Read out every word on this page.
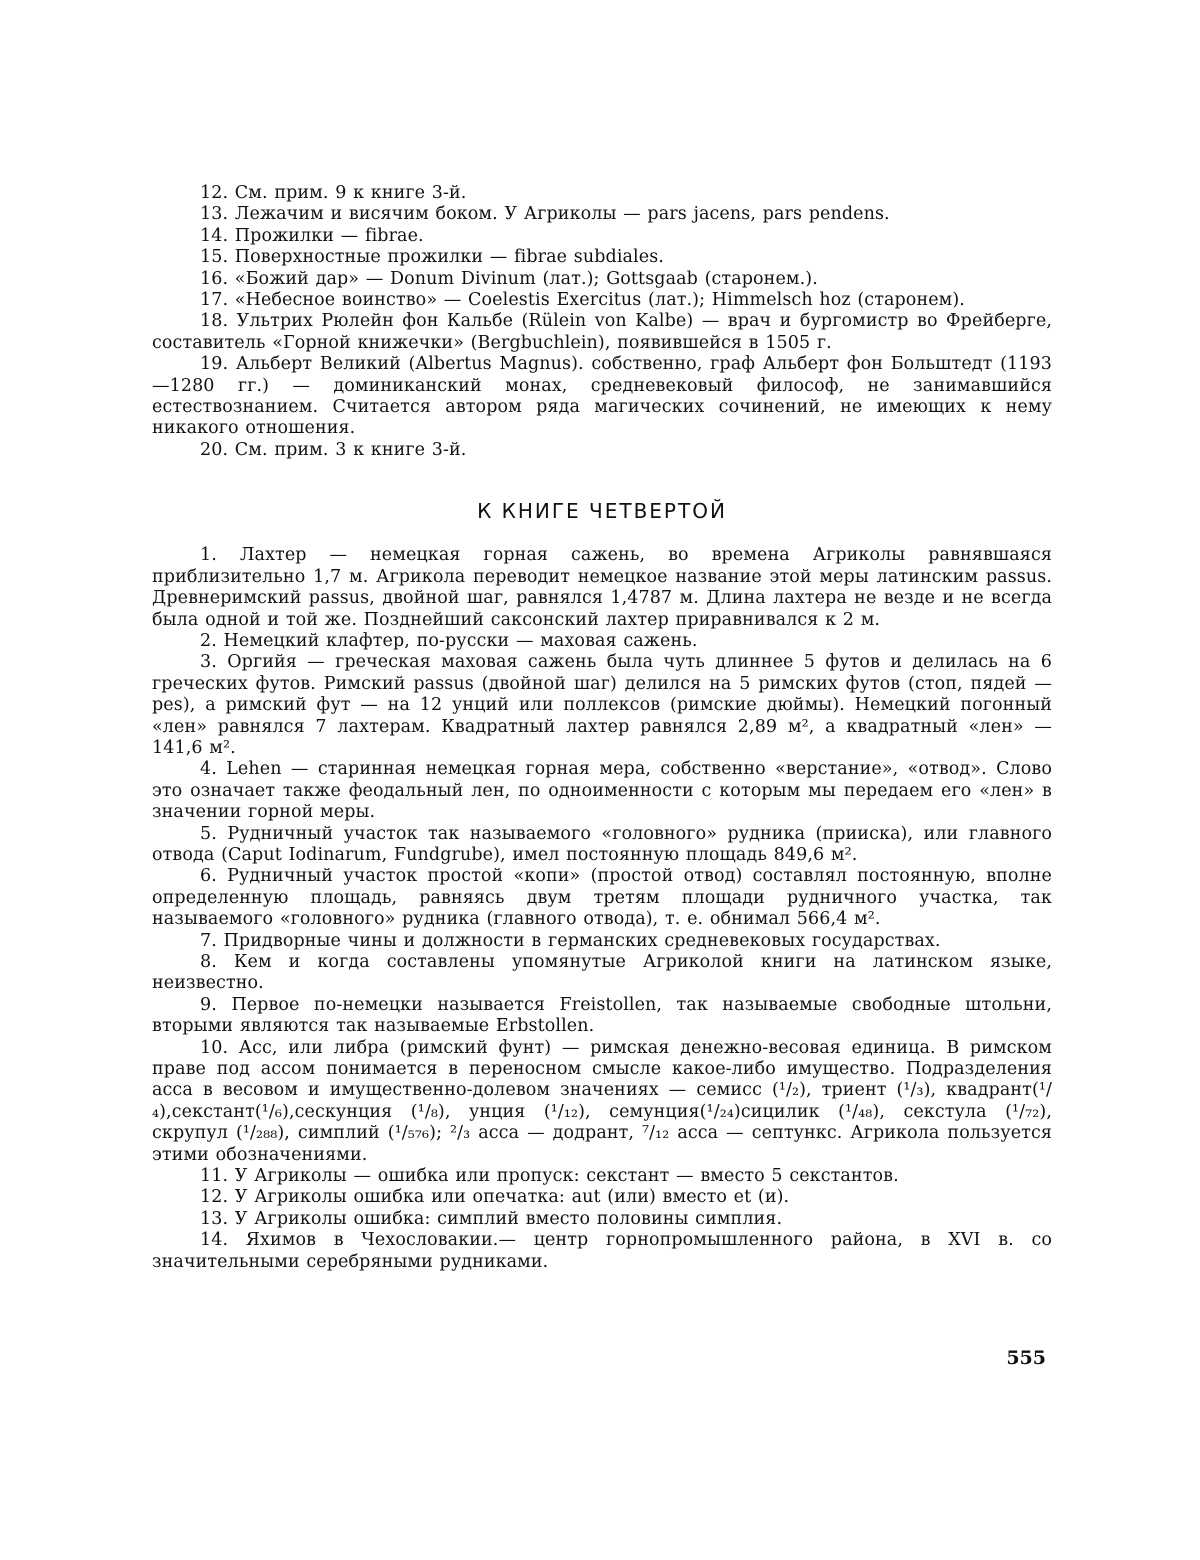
12. См. прим. 9 к книге 3-й.

13. Лежачим и висячим боком. У Агриколы — pars jacens, pars pendens.

14. Прожилки — fibrae.

15. Поверхностные прожилки — fibrae subdiales.

16. «Божий дар» — Donum Divinum (лат.); Gottsgaab (старонем.).

17. «Небесное воинство» — Coelestis Exercitus (лат.); Himmelsch hoz (старонем).

18. Ультрих Рюлейн фон Кальбе (Rülein von Kalbe) — врач и бургомистр во Фрейберге, составитель «Горной книжечки» (Bergbuchlein), появившейся в 1505 г.

19. Альберт Великий (Albertus Magnus). собственно, граф Альберт фон Больштедт (1193—1280 гг.) — доминиканский монах, средневековый философ, не занимавшийся естествознанием. Считается автором ряда магических сочинений, не имеющих к нему никакого отношения.

20. См. прим. 3 к книге 3-й.

К КНИГЕ ЧЕТВЕРТОЙ

1. Лахтер — немецкая горная сажень, во времена Агриколы равнявшаяся приблизительно 1,7 м. Агрикола переводит немецкое название этой меры латинским passus. Древнеримский passus, двойной шаг, равнялся 1,4787 м. Длина лахтера не везде и не всегда была одной и той же. Позднейший саксонский лахтер приравнивался к 2 м.

2. Немецкий клафтер, по-русски — маховая сажень.

3. Оргийя — греческая маховая сажень была чуть длиннее 5 футов и делилась на 6 греческих футов. Римский passus (двойной шаг) делился на 5 римских футов (стоп, пядей — pes), а римский фут — на 12 унций или поллексов (римские дюймы). Немецкий погонный «лен» равнялся 7 лахтерам. Квадратный лахтер равнялся 2,89 м², а квадратный «лен» — 141,6 м².

4. Lehen — старинная немецкая горная мера, собственно «верстание», «отвод». Слово это означает также феодальный лен, по одноименности с которым мы передаем его «лен» в значении горной меры.

5. Рудничный участок так называемого «головного» рудника (прииска), или главного отвода (Caput Iodinarum, Fundgrube), имел постоянную площадь 849,6 м².

6. Рудничный участок простой «копи» (простой отвод) составлял постоянную, вполне определенную площадь, равняясь двум третям площади рудничного участка, так называемого «головного» рудника (главного отвода), т. е. обнимал 566,4 м².

7. Придворные чины и должности в германских средневековых государствах.

8. Кем и когда составлены упомянутые Агриколой книги на латинском языке, неизвестно.

9. Первое по-немецки называется Freistollen, так называемые свободные штольни, вторыми являются так называемые Erbstollen.

10. Асс, или либра (римский фунт) — римская денежно-весовая единица. В римском праве под ассом понимается в переносном смысле какое-либо имущество. Подразделения асса в весовом и имущественно-долевом значениях — семисс (¹/₂), триент (¹/₃), квадрант(¹/₄),секстант(¹/₆),сескунция (¹/₈), унция (¹/₁₂), семунция(¹/₂₄)сицилик (¹/₄₈), секстула (¹/₇₂), скрупул (¹/₂₈₈), симплий (¹/₅₇₆); ²/₃ асса — додрант, ⁷/₁₂ асса — септункс. Агрикола пользуется этими обозначениями.

11. У Агриколы — ошибка или пропуск: секстант — вместо 5 секстантов.

12. У Агриколы ошибка или опечатка: aut (или) вместо et (и).

13. У Агриколы ошибка: симплий вместо половины симплия.

14. Яхимов в Чехословакии.— центр горнопромышленного района, в XVI в. со значительными серебряными рудниками.

555
